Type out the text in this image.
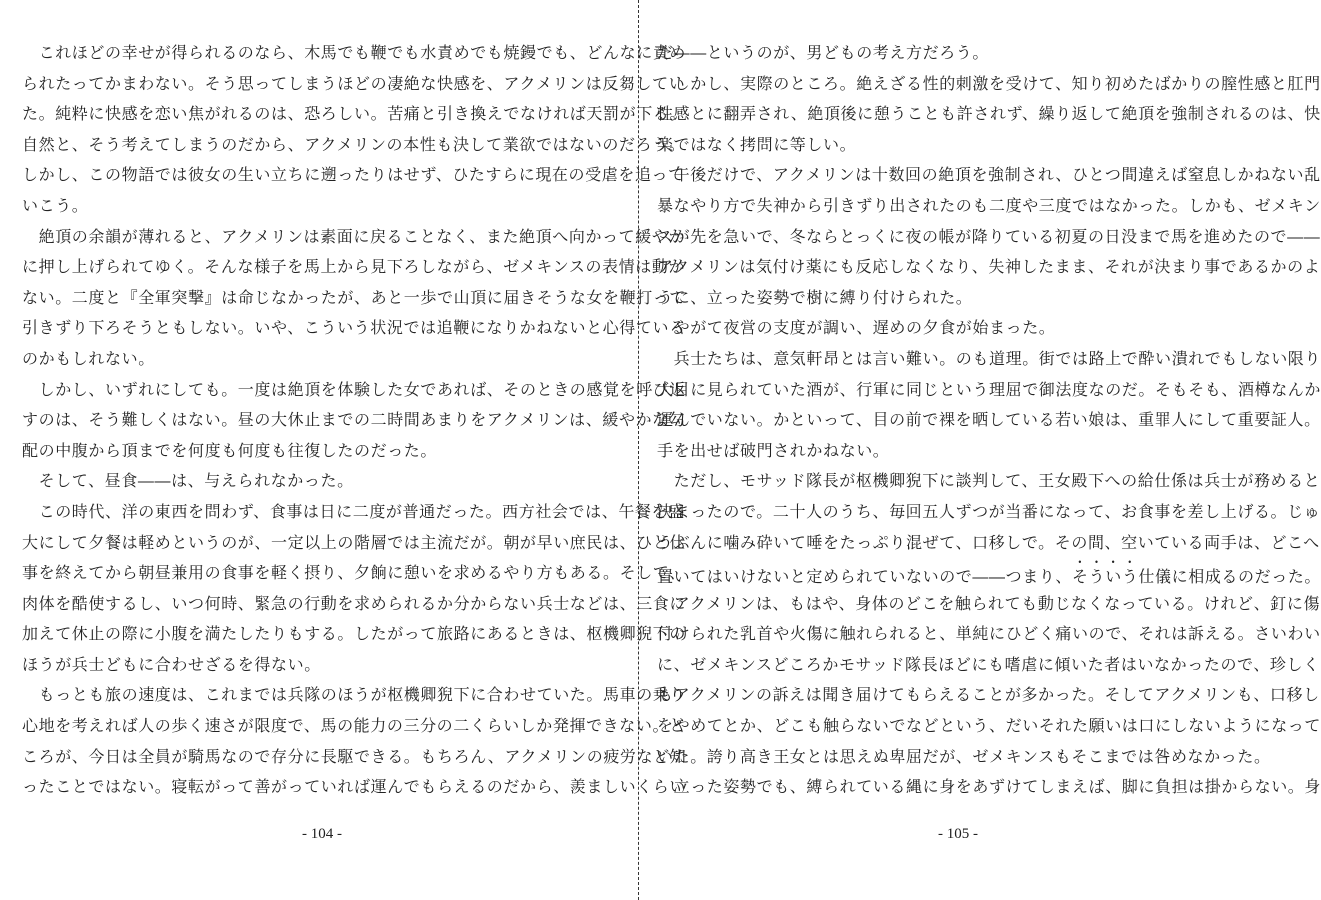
　これほどの幸せが得られるのなら、木馬でも鞭でも水責めでも焼鏝でも、どんなに責め
られたってかまわない。そう思ってしまうほどの凄絶な快感を、アクメリンは反芻してい
た。純粋に快感を恋い焦がれるのは、恐ろしい。苦痛と引き換えでなければ天罰が下る。
自然と、そう考えてしまうのだから、アクメリンの本性も決して業欲ではないのだろう。
しかし、この物語では彼女の生い立ちに遡ったりはせず、ひたすらに現在の受虐を追って
いこう。
　絶頂の余韻が薄れると、アクメリンは素面に戻ることなく、また絶頂へ向かって緩やか
に押し上げられてゆく。そんな様子を馬上から見下ろしながら、ゼメキンスの表情は動か
ない。二度と『全軍突撃』は命じなかったが、あと一歩で山頂に届きそうな女を鞭打って
引きずり下ろそうともしない。いや、こういう状況では追鞭になりかねないと心得ている
のかもしれない。
　しかし、いずれにしても。一度は絶頂を体験した女であれば、そのときの感覚を呼び返
すのは、そう難しくはない。昼の大休止までの二時間あまりをアクメリンは、緩やかな勾
配の中腹から頂までを何度も何度も往復したのだった。
　そして、昼食――は、与えられなかった。
　この時代、洋の東西を問わず、食事は日に二度が普通だった。西方社会では、午餐を盛
大にして夕餐は軽めというのが、一定以上の階層では主流だが。朝が早い庶民は、ひと仕
事を終えてから朝昼兼用の食事を軽く摂り、夕餉に憩いを求めるやり方もある。そして、
肉体を酷使するし、いつ何時、緊急の行動を求められるか分からない兵士などは、三食に
加えて休止の際に小腹を満たしたりもする。したがって旅路にあるときは、枢機卿猊下の
ほうが兵士どもに合わせざるを得ない。
　もっとも旅の速度は、これまでは兵隊のほうが枢機卿猊下に合わせていた。馬車の乗り
心地を考えれば人の歩く速さが限度で、馬の能力の三分の二くらいしか発揮できない。と
ころが、今日は全員が騎馬なので存分に長駆できる。もちろん、アクメリンの疲労など知
ったことではない。寝転がって善がっていれば運んでもらえるのだから、羨ましいくらい
だ――というのが、男どもの考え方だろう。
　しかし、実際のところ。絶えざる性的刺激を受けて、知り初めたばかりの膣性感と肛門
性感とに翻弄され、絶頂後に憩うことも許されず、繰り返して絶頂を強制されるのは、快
楽ではなく拷問に等しい。
　午後だけで、アクメリンは十数回の絶頂を強制され、ひとつ間違えば窒息しかねない乱
暴なやり方で失神から引きずり出されたのも二度や三度ではなかった。しかも、ゼメキン
スが先を急いで、冬ならとっくに夜の帳が降りている初夏の日没まで馬を進めたので――
アクメリンは気付け薬にも反応しなくなり、失神したまま、それが決まり事であるかのよ
うに、立った姿勢で樹に縛り付けられた。
　やがて夜営の支度が調い、遅めの夕食が始まった。
　兵士たちは、意気軒昂とは言い難い。のも道理。街では路上で酔い潰れでもしない限り
大目に見られていた酒が、行軍に同じという理屈で御法度なのだ。そもそも、酒樽なんか
運んでいない。かといって、目の前で裸を晒している若い娘は、重罪人にして重要証人。
手を出せば破門されかねない。
　ただし、モサッド隊長が枢機卿猊下に談判して、王女殿下への給仕係は兵士が務めると
決まったので。二十人のうち、毎回五人ずつが当番になって、お食事を差し上げる。じゅ
うぶんに噛み砕いて唾をたっぷり混ぜて、口移しで。その間、空いている両手は、どこへ
置いてはいけないと定められていないので――つまり、そういう仕儀に相成るのだった。
　アクメリンは、もはや、身体のどこを触られても動じなくなっている。けれど、釘に傷
付けられた乳首や火傷に触れられると、単純にひどく痛いので、それは訴える。さいわい
に、ゼメキンスどころかモサッド隊長ほどにも嗜虐に傾いた者はいなかったので、珍しく
もアクメリンの訴えは聞き届けてもらえることが多かった。そしてアクメリンも、口移し
をやめてとか、どこも触らないでなどという、だいそれた願いは口にしないようになって
いた。誇り高き王女とは思えぬ卑屈だが、ゼメキンスもそこまでは咎めなかった。
　立った姿勢でも、縛られている縄に身をあずけてしまえば、脚に負担は掛からない。身
- 104 -	- 105 -
